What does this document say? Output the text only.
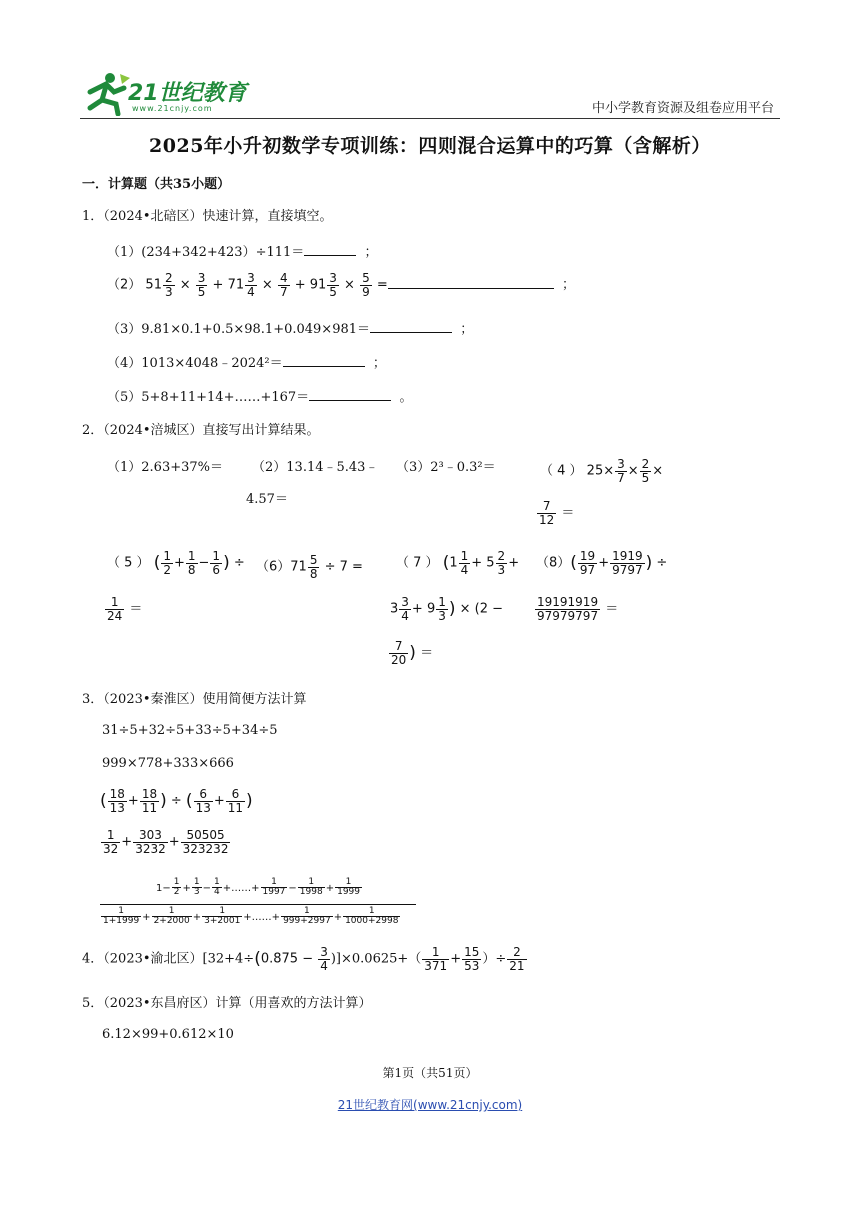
21世纪教育
www.21cnjy.com	中小学教育资源及组卷应用平台
2025年小升初数学专项训练：四则混合运算中的巧算（含解析）
一．计算题（共35小题）
1．（2024•北碚区）快速计算，直接填空。
（1）(234+342+423）÷111＝	；
（2） $51 \frac{2}{3} \times \frac{3}{5} + 71 \frac{3}{4} \times \frac{4}{7} + 91 \frac{3}{5} \times \frac{5}{9}$ =	；
（3）9.81×0.1+0.5×98.1+0.049×981＝	；
（4）1013×4048﹣2024²＝	；
（5）5+8+11+14+……+167＝	。
2．（2024•涪城区）直接写出计算结果。
（1）2.63+37%＝ （2）13.14﹣5.43﹣
4.57＝
（3）2³﹣0.3²＝	（ 4 ） $25\times \frac{3}{7} \times \frac{2}{5}$ ×
$\frac{7}{12}$ ＝
（ 5 ） ( $\frac{1}{2} + \frac{1}{8} - \frac{1}{6}$ ) ÷
$\frac{1}{24}$ ＝
$(6)71 \frac{5}{8} \div 7$ =	（ 7 ） ($1 \frac{1}{4} + 5 \frac{2}{3}$ +
$3 \frac{3}{4} + 9 \frac{1}{3}$ ) × (2 −
$\frac{7}{20}$ ) ＝
$(8)( \frac{19}{97} + \frac{1919}{9797}$ ) ÷
$\frac{19191919}{97979797}$ ＝
3．（2023•秦淮区）使用简便方法计算
31÷5+32÷5+33÷5+34÷5
999×778+333×666
( $\frac{18}{13} + \frac{18}{11}$ ) ÷ ( $\frac{6}{13} + \frac{6}{11}$ )
$\frac{1}{32} + \frac{303}{3232} + \frac{50505}{323232}$
$1- \frac{1}{2} + \frac{1}{3} - \frac{1}{4}$ +……+ $\frac{1}{1997} - \frac{1}{1998} + \frac{1}{1999}$
$\frac{1}{1+1999} + \frac{1}{2+2000} + \frac{1}{3+2001}$ +……+ $\frac{1}{999+2997} + \frac{1}{1000+2998}$
4．（2023•渝北区）$[32+4\div(0.875 - \frac{3}{4} )]\times 0.0625+( \frac{1}{371} + \frac{15}{53}$ ）÷ $\frac{2}{21}$
5．（2023•东昌府区）计算（用喜欢的方法计算）
6.12×99+0.612×10
第1页（共51页）
21世纪教育网(www.21cnjy.com)
